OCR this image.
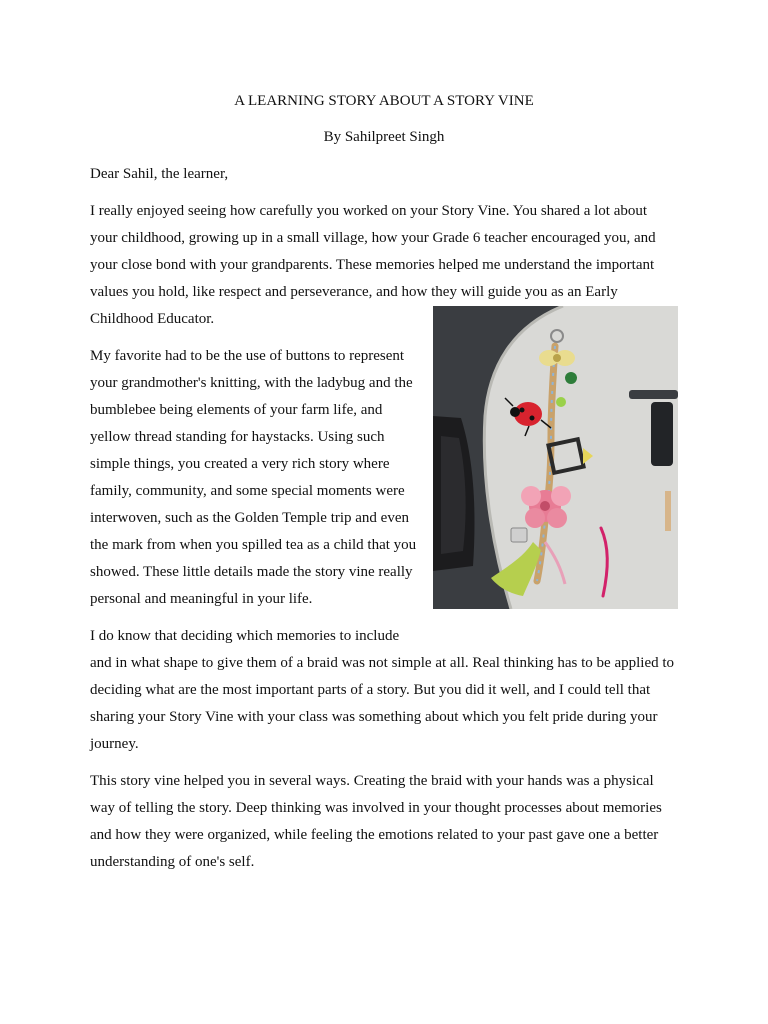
A LEARNING STORY ABOUT A STORY VINE
By Sahilpreet Singh

Dear Sahil, the learner,

I really enjoyed seeing how carefully you worked on your Story Vine. You shared a lot about your childhood, growing up in a small village, how your Grade 6 teacher encouraged you, and your close bond with your grandparents. These memories helped me understand the important values you hold, like respect and perseverance, and how they will guide you as an Early

Childhood Educator.

My favorite had to be the use of buttons to represent your grandmother's knitting, with the ladybug and the bumblebee being elements of your farm life, and yellow thread standing for haystacks. Using such simple things, you created a very rich story where family, community, and some special moments were interwoven, such as the Golden Temple trip and even the mark from when you spilled tea as a child that you showed. These little details made the story vine really personal and meaningful in your life.

I do know that deciding which memories to include

and in what shape to give them of a braid was not simple at all. Real thinking has to be applied to deciding what are the most important parts of a story. But you did it well, and I could tell that sharing your Story Vine with your class was something about which you felt pride during your journey.

This story vine helped you in several ways. Creating the braid with your hands was a physical way of telling the story. Deep thinking was involved in your thought processes about memories and how they were organized, while feeling the emotions related to your past gave one a better understanding of one's self.
